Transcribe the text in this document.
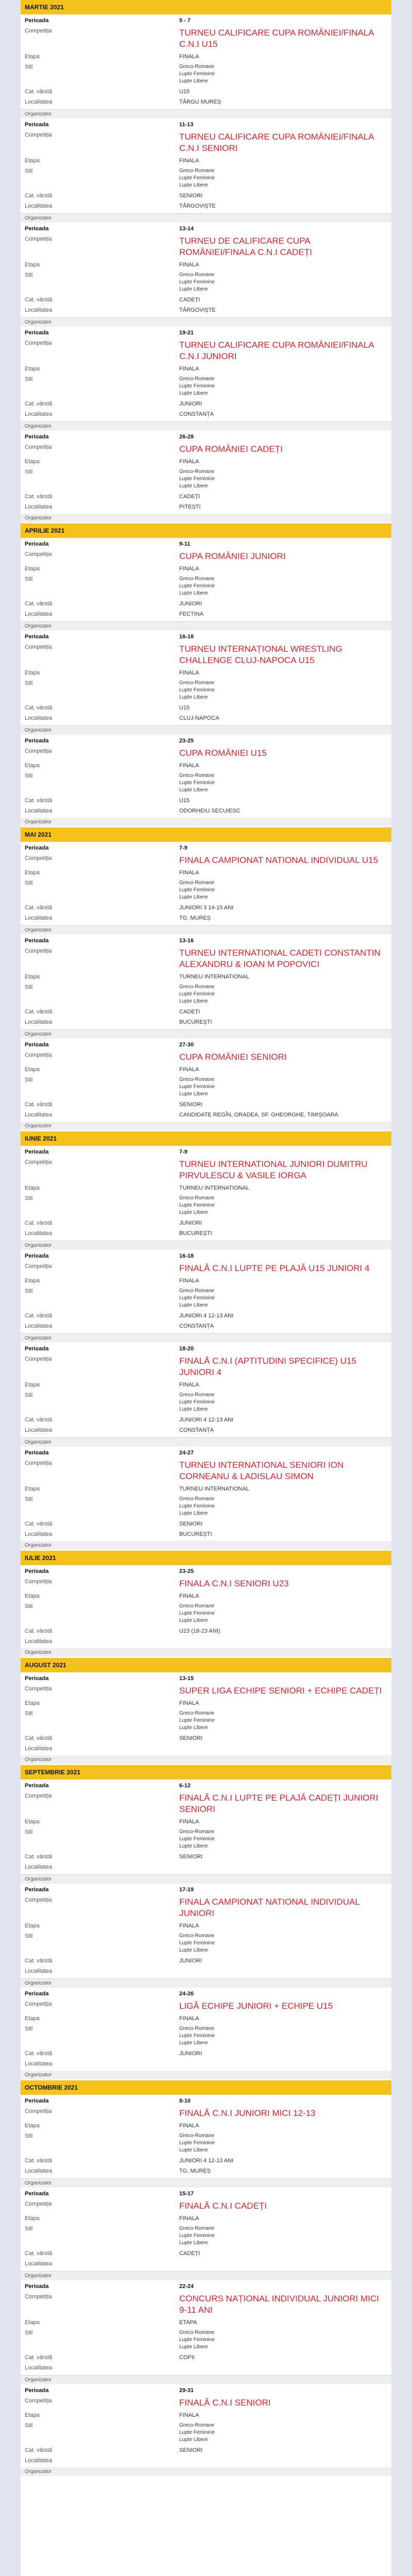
MARTIE 2021
Perioada	5 - 7
Competiția	TURNEU CALIFICARE CUPA ROMÂNIEI/FINALA C.N.I U15
Etapa	FINALA
Stil	Greco-Romane
Lupte Feminine
Lupte Libere
Cat. vârstă	U15
Localitatea	TÂRGU MUREȘ
Organizator
Perioada	11-13
Competiția	TURNEU CALIFICARE CUPA ROMÂNIEI/FINALA C.N.I SENIORI
Etapa	FINALA
Stil	Greco-Romane
Lupte Feminine
Lupte Libere
Cat. vârstă	SENIORI
Localitatea	TÂRGOVIȘTE
Organizator
Perioada	13-14
Competiția	TURNEU DE CALIFICARE CUPA ROMÂNIEI/FINALA C.N.I CADEȚI
Etapa	FINALA
Stil	Greco-Romane
Lupte Feminine
Lupte Libere
Cat. vârstă	CADEȚI
Localitatea	TÂRGOVIȘTE
Organizator
Perioada	19-21
Competiția	TURNEU CALIFICARE CUPA ROMÂNIEI/FINALA C.N.I JUNIORI
Etapa	FINALA
Stil	Greco-Romane
Lupte Feminine
Lupte Libere
Cat. vârstă	JUNIORI
Localitatea	CONSTANȚA
Organizator
Perioada	26-28
Competiția	CUPA ROMÂNIEI CADEȚI
Etapa	FINALA
Stil	Greco-Romane
Lupte Feminine
Lupte Libere
Cat. vârstă	CADEȚI
Localitatea	PITEȘTI
Organizator
APRILIE 2021
Perioada	9-11
Competiția	CUPA ROMÂNIEI JUNIORI
Etapa	FINALA
Stil	Greco-Romane
Lupte Feminine
Lupte Libere
Cat. vârstă	JUNIORI
Localitatea	FECTINA
Organizator
Perioada	16-18
Competiția	TURNEU INTERNAȚIONAL WRESTLING CHALLENGE CLUJ-NAPOCA U15
Etapa	FINALA
Stil	Greco-Romane
Lupte Feminine
Lupte Libere
Cat. vârstă	U15
Localitatea	CLUJ-NAPOCA
Organizator
Perioada	23-25
Competiția	CUPA ROMÂNIEI U15
Etapa	FINALA
Stil	Greco-Romane
Lupte Feminine
Lupte Libere
Cat. vârstă	U15
Localitatea	ODORHEIU SECUIESC
Organizator
MAI 2021
Perioada	7-9
Competiția	FINALA CAMPIONAT NATIONAL INDIVIDUAL U15
Etapa	FINALA
Stil	Greco-Romane
Lupte Feminine
Lupte Libere
Cat. vârstă	JUNIORI 3 14-15 ANI
Localitatea	TG. MUREȘ
Organizator
Perioada	13-16
Competiția	TURNEU INTERNATIONAL CADETI CONSTANTIN ALEXANDRU & IOAN M POPOVICI
Etapa	TURNEU INTERNATIONAL
Stil	Greco-Romane
Lupte Feminine
Lupte Libere
Cat. vârstă	CADEȚI
Localitatea	BUCUREȘTI
Organizator
Perioada	27-30
Competiția	CUPA ROMÂNIEI SENIORI
Etapa	FINALA
Stil	Greco-Romane
Lupte Feminine
Lupte Libere
Cat. vârstă	SENIORI
Localitatea	CANDIDATE REGÎN, ORADEA, SF. GHEORGHE, TIMIȘOARA
Organizator
IUNIE 2021
Perioada	7-9
Competiția	TURNEU INTERNATIONAL JUNIORI DUMITRU PIRVULESCU & VASILE IORGA
Etapa	TURNEU INTERNATIONAL
Stil	Greco-Romane
Lupte Feminine
Lupte Libere
Cat. vârstă	JUNIORI
Localitatea	BUCUREȘTI
Organizator
Perioada	16-18
Competiția	FINALĂ C.N.I LUPTE PE PLAJĂ U15 JUNIORI 4
Etapa	FINALA
Stil	Greco-Romane
Lupte Feminine
Lupte Libere
Cat. vârstă	JUNIORI 4 12-13 ANI
Localitatea	CONSTANȚA
Organizator
Perioada	18-20
Competiția	FINALĂ C.N.I (APTITUDINI SPECIFICE) U15 JUNIORI 4
Etapa	FINALA
Stil	Greco-Romane
Lupte Feminine
Lupte Libere
Cat. vârstă	JUNIORI 4 12-13 ANI
Localitatea	CONSTANȚA
Organizator
Perioada	24-27
Competiția	TURNEU INTERNATIONAL SENIORI ION CORNEANU & LADISLAU SIMON
Etapa	TURNEU INTERNATIONAL
Stil	Greco-Romane
Lupte Feminine
Lupte Libere
Cat. vârstă	SENIORI
Localitatea	BUCUREȘTI
Organizator
IULIE 2021
Perioada	23-25
Competiția	FINALA C.N.I SENIORI U23
Etapa	FINALA
Stil	Greco-Romane
Lupte Feminine
Lupte Libere
Cat. vârstă	U23 (18-23 ANI)
Localitatea
Organizator
AUGUST 2021
Perioada	13-15
Competiția	SUPER LIGA ECHIPE SENIORI + ECHIPE CADEȚI
Etapa	FINALA
Stil	Greco-Romane
Lupte Feminine
Lupte Libere
Cat. vârstă	SENIORI
Localitatea
Organizator
SEPTEMBRIE 2021
Perioada	6-12
Competiția	FINALĂ C.N.I LUPTE PE PLAJĂ CADEȚI JUNIORI SENIORI
Etapa	FINALA
Stil	Greco-Romane
Lupte Feminine
Lupte Libere
Cat. vârstă	SENIORI
Localitatea
Organizator
Perioada	17-19
Competiția	FINALA CAMPIONAT NATIONAL INDIVIDUAL JUNIORI
Etapa	FINALA
Stil	Greco-Romane
Lupte Feminine
Lupte Libere
Cat. vârstă	JUNIORI
Localitatea
Organizator
Perioada	24-26
Competiția	LIGĂ ECHIPE JUNIORI + ECHIPE U15
Etapa	FINALA
Stil	Greco-Romane
Lupte Feminine
Lupte Libere
Cat. vârstă	JUNIORI
Localitatea
Organizator
OCTOMBRIE 2021
Perioada	8-10
Competiția	FINALĂ C.N.I JUNIORI MICI 12-13
Etapa	FINALA
Stil	Greco-Romane
Lupte Feminine
Lupte Libere
Cat. vârstă	JUNIORI 4 12-13 ANI
Localitatea	TG. MUREȘ
Organizator
Perioada	15-17
Competiția	FINALĂ C.N.I CADEȚI
Etapa	FINALA
Stil	Greco-Romane
Lupte Feminine
Lupte Libere
Cat. vârstă	CADEȚI
Localitatea
Organizator
Perioada	22-24
Competiția	CONCURS NAȚIONAL INDIVIDUAL JUNIORI MICI 9-11 ANI
Etapa	ETAPA
Stil	Greco-Romane
Lupte Feminine
Lupte Libere
Cat. vârstă	COPII
Localitatea
Organizator
Perioada	29-31
Competiția	FINALĂ C.N.I SENIORI
Etapa	FINALA
Stil	Greco-Romane
Lupte Feminine
Lupte Libere
Cat. vârstă	SENIORI
Localitatea
Organizator
